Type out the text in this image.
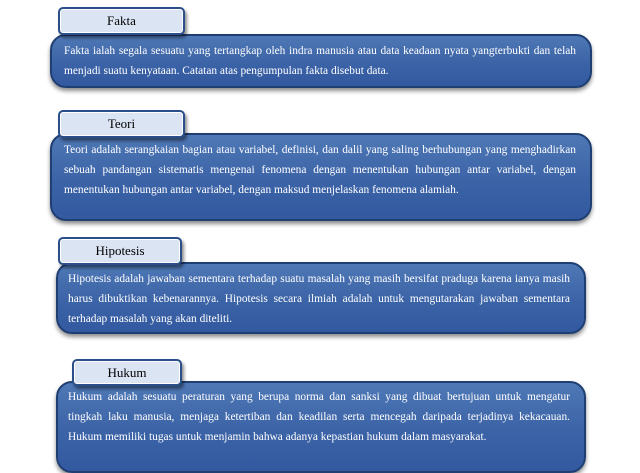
Fakta ialah segala sesuatu yang tertangkap oleh indra manusia atau data keadaan nyata yangterbukti dan telah menjadi suatu kenyataan. Catatan atas pengumpulan fakta disebut data.

Fakta

Teori adalah serangkaian bagian atau variabel, definisi, dan dalil yang saling berhubungan yang menghadirkan sebuah pandangan sistematis mengenai fenomena dengan menentukan hubungan antar variabel, dengan menentukan hubungan antar variabel, dengan maksud menjelaskan fenomena alamiah.

Teori

Hipotesis adalah jawaban sementara terhadap suatu masalah yang masih bersifat praduga karena ianya masih harus dibuktikan kebenarannya. Hipotesis secara ilmiah adalah untuk mengutarakan jawaban sementara terhadap masalah yang akan diteliti.

Hipotesis

Hukum adalah sesuatu peraturan yang berupa norma dan sanksi yang dibuat bertujuan untuk mengatur tingkah laku manusia, menjaga ketertiban dan keadilan serta mencegah daripada terjadinya kekacauan. Hukum memiliki tugas untuk menjamin bahwa adanya kepastian hukum dalam masyarakat.

Hukum
